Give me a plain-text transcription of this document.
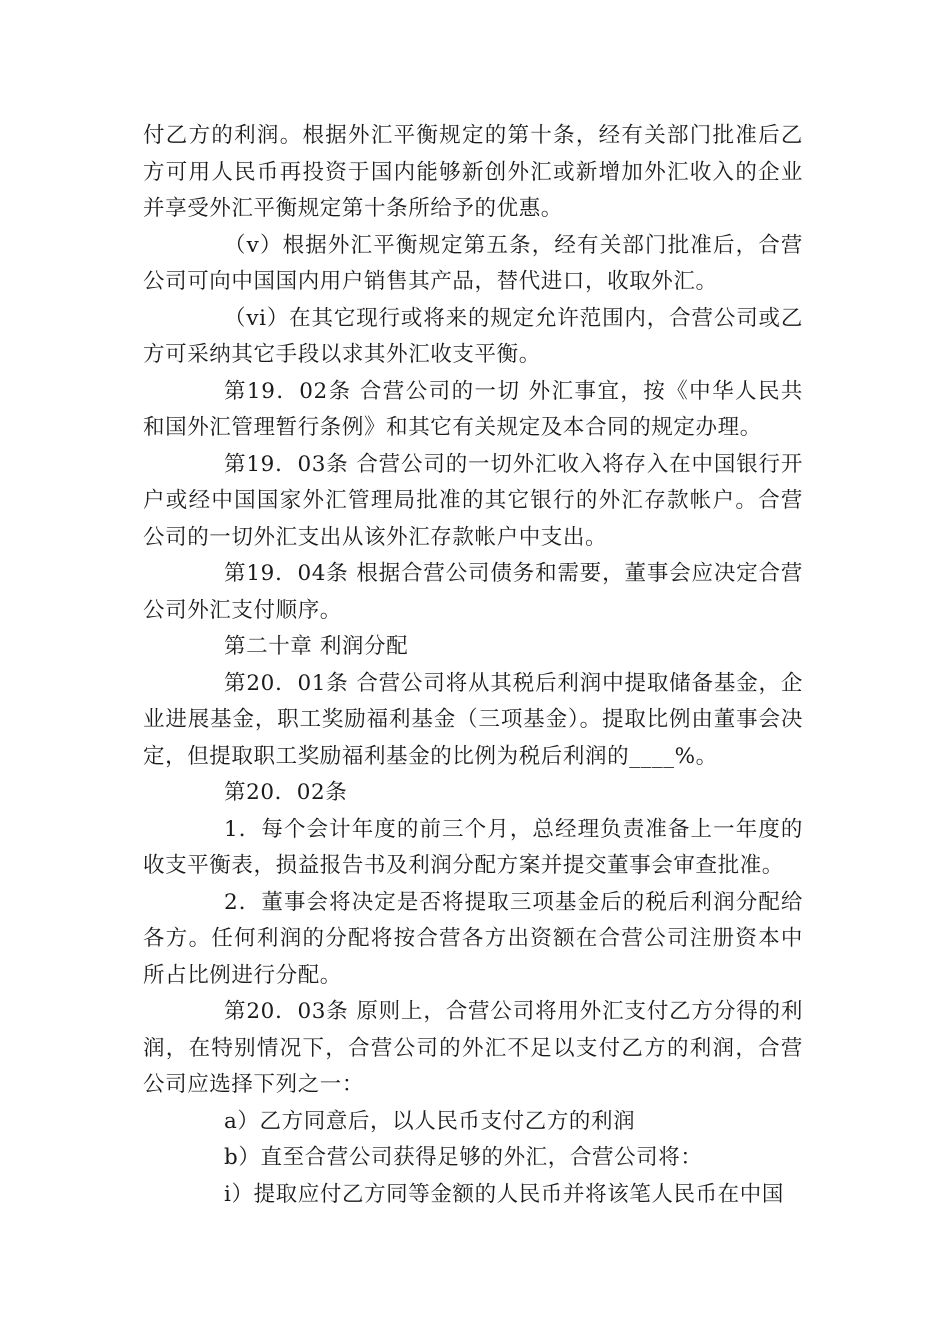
付乙方的利润。根据外汇平衡规定的第十条，经有关部门批准后乙方可用人民币再投资于国内能够新创外汇或新增加外汇收入的企业并享受外汇平衡规定第十条所给予的优惠。

（v）根据外汇平衡规定第五条，经有关部门批准后，合营公司可向中国国内用户销售其产品，替代进口，收取外汇。

（vi）在其它现行或将来的规定允许范围内，合营公司或乙方可采纳其它手段以求其外汇收支平衡。

第19．02条 合营公司的一切 外汇事宜，按《中华人民共和国外汇管理暂行条例》和其它有关规定及本合同的规定办理。

第19．03条 合营公司的一切外汇收入将存入在中国银行开户或经中国国家外汇管理局批准的其它银行的外汇存款帐户。合营公司的一切外汇支出从该外汇存款帐户中支出。

第19．04条 根据合营公司债务和需要，董事会应决定合营公司外汇支付顺序。

第二十章 利润分配

第20．01条 合营公司将从其税后利润中提取储备基金，企业进展基金，职工奖励福利基金（三项基金）。提取比例由董事会决定，但提取职工奖励福利基金的比例为税后利润的____%。

第20．02条

1．每个会计年度的前三个月，总经理负责准备上一年度的收支平衡表，损益报告书及利润分配方案并提交董事会审查批准。

2．董事会将决定是否将提取三项基金后的税后利润分配给各方。任何利润的分配将按合营各方出资额在合营公司注册资本中所占比例进行分配。

第20．03条 原则上，合营公司将用外汇支付乙方分得的利润，在特别情况下，合营公司的外汇不足以支付乙方的利润，合营公司应选择下列之一：

a）乙方同意后，以人民币支付乙方的利润

b）直至合营公司获得足够的外汇，合营公司将：

i）提取应付乙方同等金额的人民币并将该笔人民币在中国
